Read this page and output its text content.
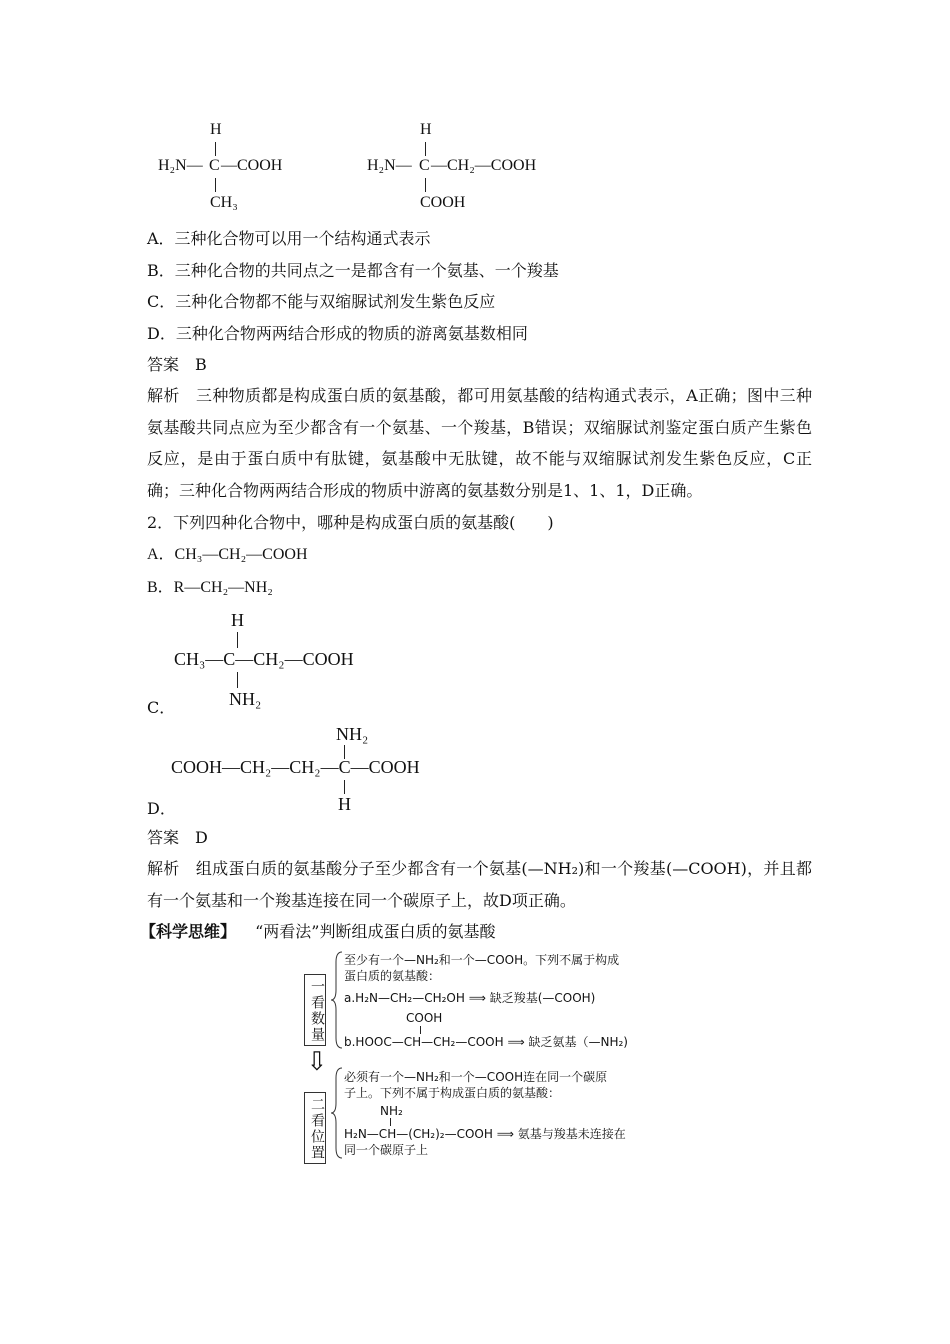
H
H₂N— C —COOH
CH₃
H
H₂N— C —CH₂—COOH
COOH
A．三种化合物可以用一个结构通式表示
B．三种化合物的共同点之一是都含有一个氨基、一个羧基
C．三种化合物都不能与双缩脲试剂发生紫色反应
D．三种化合物两两结合形成的物质的游离氨基数相同
答案　B
解析　三种物质都是构成蛋白质的氨基酸，都可用氨基酸的结构通式表示，A正确；图中三种氨基酸共同点应为至少都含有一个氨基、一个羧基，B错误；双缩脲试剂鉴定蛋白质产生紫色反应，是由于蛋白质中有肽键，氨基酸中无肽键，故不能与双缩脲试剂发生紫色反应，C正确；三种化合物两两结合形成的物质中游离的氨基数分别是1、1、1，D正确。
2．下列四种化合物中，哪种是构成蛋白质的氨基酸(　　)
A．CH₃—CH₂—COOH
B．R—CH₂—NH₂
H
CH₃—C—CH₂—COOH
NH₂
C．
NH₂
COOH—CH₂—CH₂—C—COOH
H
D．
答案　D
解析　组成蛋白质的氨基酸分子至少都含有一个氨基(—NH₂)和一个羧基(—COOH)，并且都有一个氨基和一个羧基连接在同一个碳原子上，故D项正确。
【科学思维】 “两看法”判断组成蛋白质的氨基酸
一看数量
至少有一个—NH₂和一个—COOH。下列不属于构成
蛋白质的氨基酸：
a.H₂N—CH₂—CH₂OH ⟹ 缺乏羧基(—COOH)
COOH
b.HOOC—CH—CH₂—COOH ⟹ 缺乏氨基（—NH₂)
⇩
二看位置
必须有一个—NH₂和一个—COOH连在同一个碳原
子上。下列不属于构成蛋白质的氨基酸：
NH₂
H₂N—CH—(CH₂)₂—COOH ⟹ 氨基与羧基未连接在
同一个碳原子上
